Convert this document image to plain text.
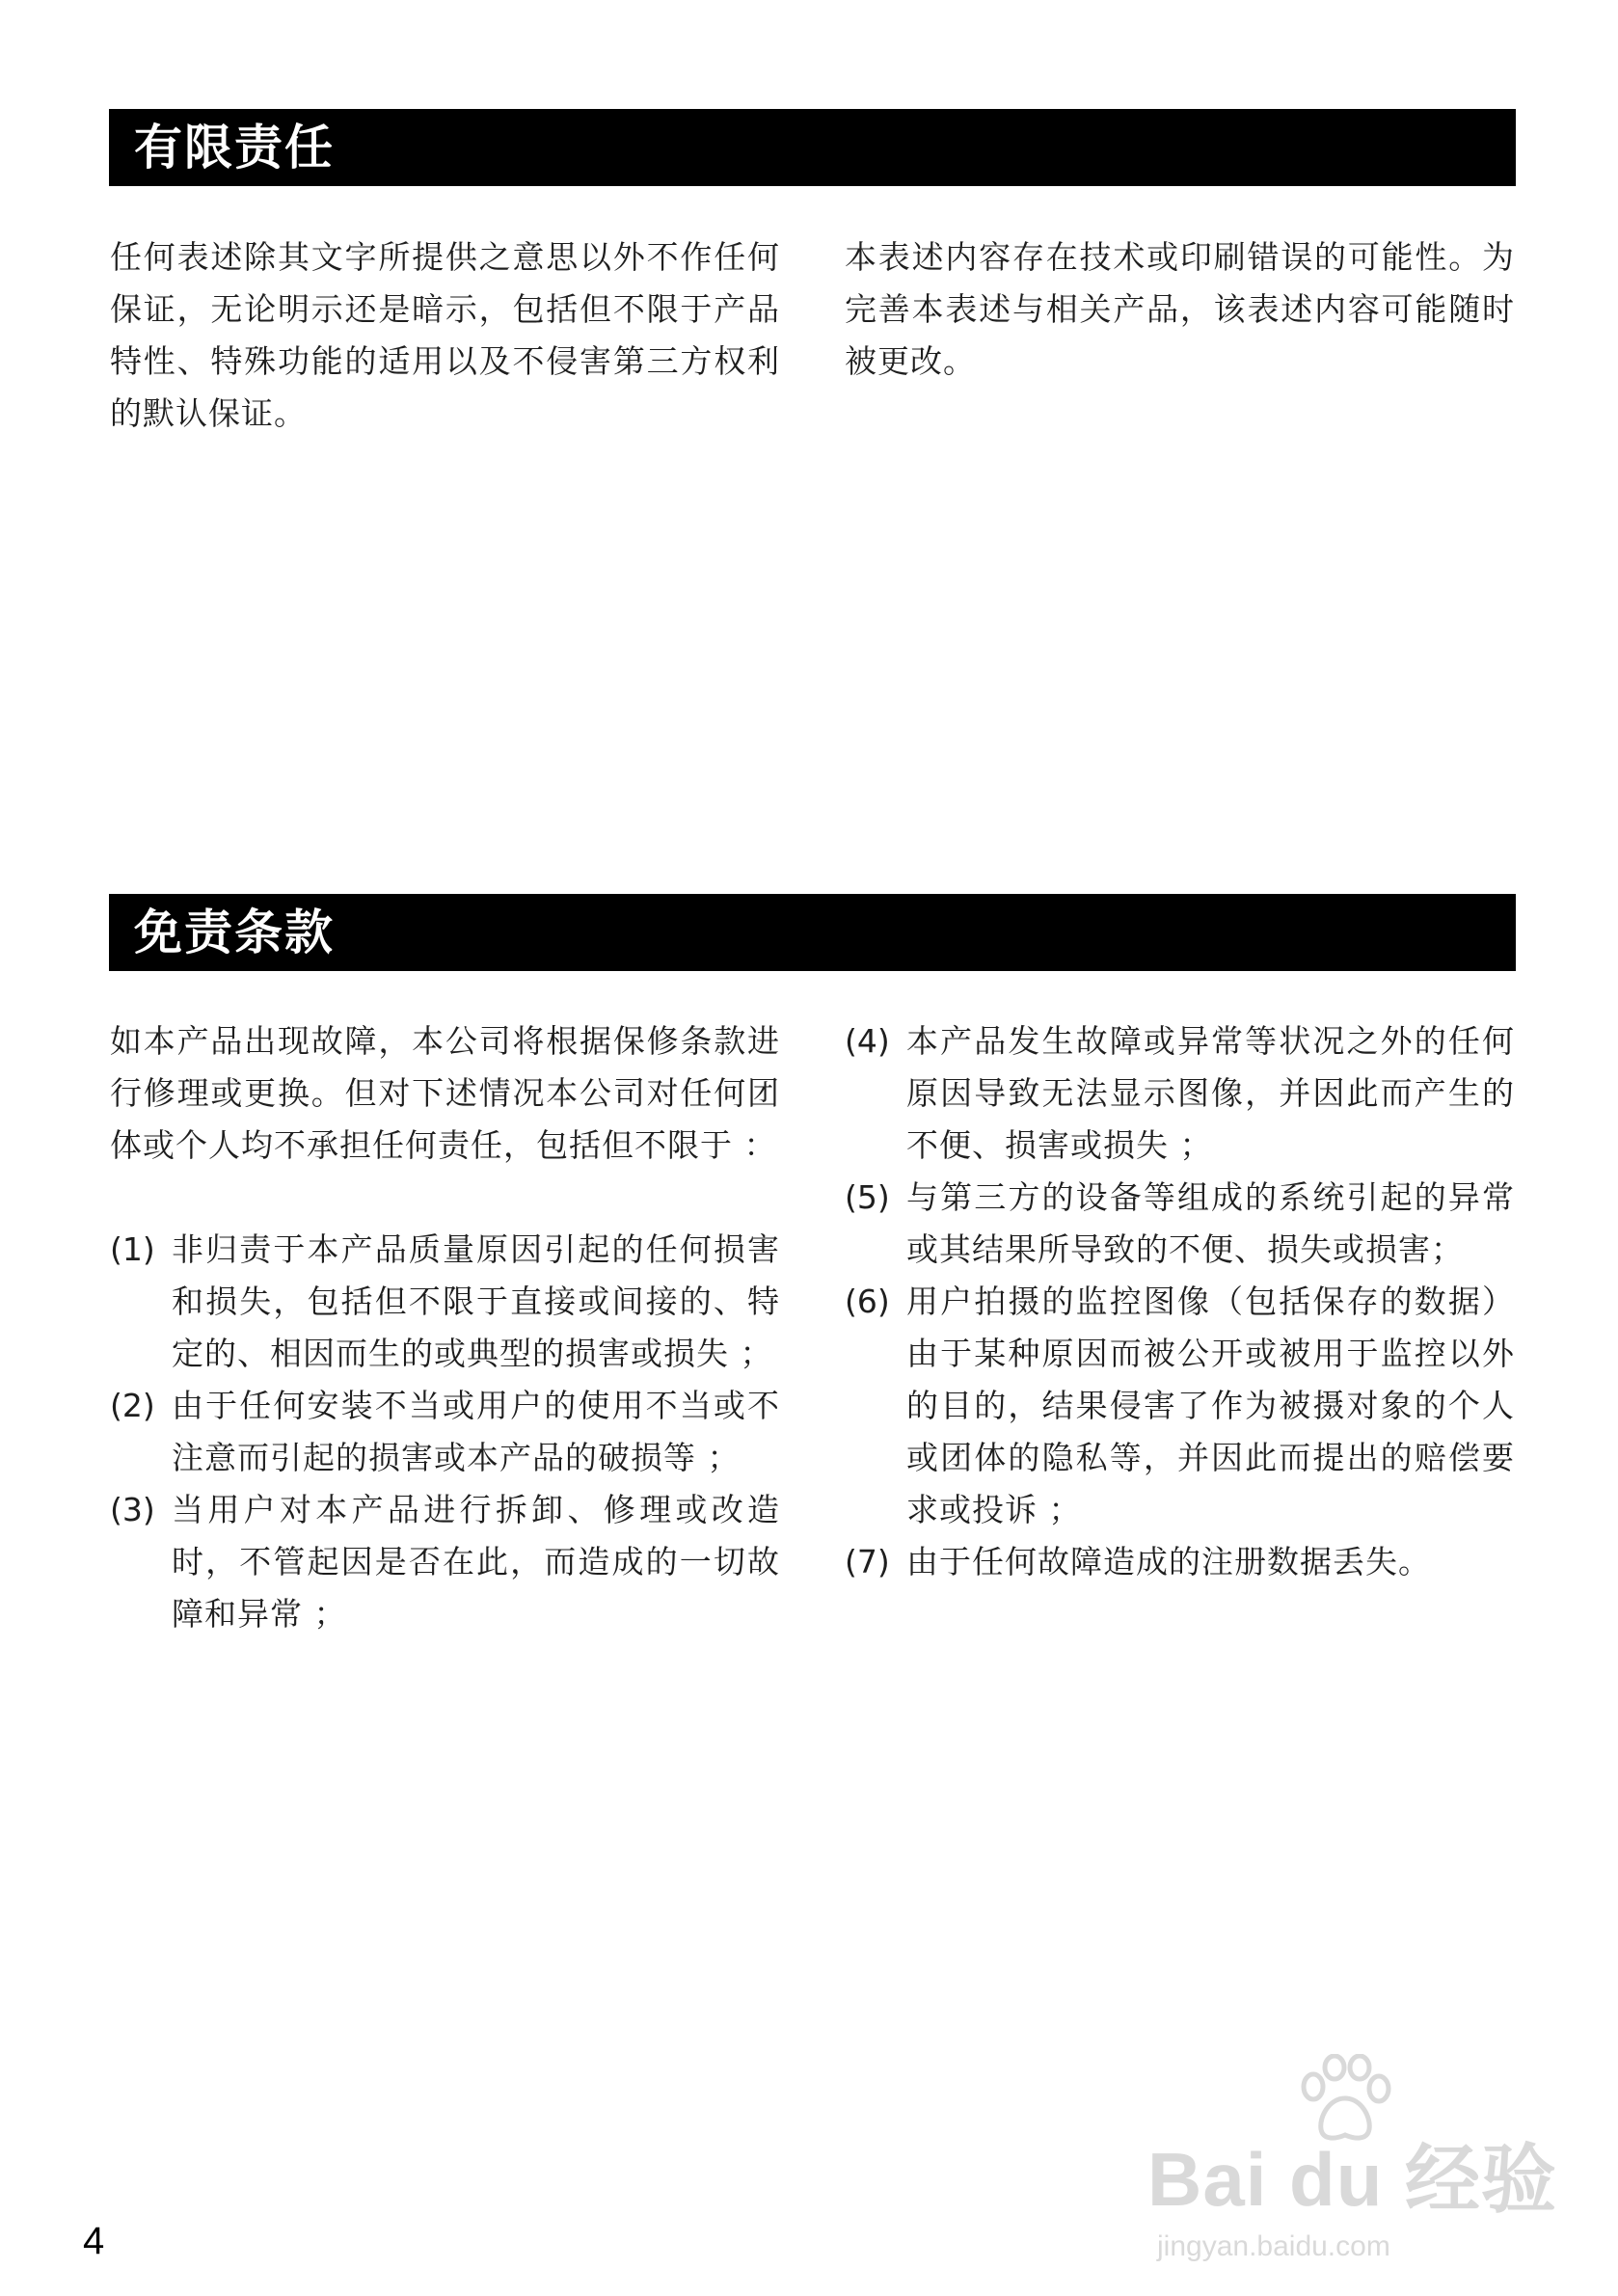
有限责任

任何表述除其文字所提供之意思以外不作任何保证，无论明示还是暗示，包括但不限于产品特性、特殊功能的适用以及不侵害第三方权利的默认保证。

本表述内容存在技术或印刷错误的可能性。为完善本表述与相关产品，该表述内容可能随时被更改。

免责条款

如本产品出现故障，本公司将根据保修条款进行修理或更换。但对下述情况本公司对任何团体或个人均不承担任何责任，包括但不限于 ：

(1) 非归责于本产品质量原因引起的任何损害和损失，包括但不限于直接或间接的、特定的、相因而生的或典型的损害或损失 ；
(2) 由于任何安装不当或用户的使用不当或不注意而引起的损害或本产品的破损等 ；
(3) 当用户对本产品进行拆卸、修理或改造时，不管起因是否在此，而造成的一切故障和异常 ；
(4) 本产品发生故障或异常等状况之外的任何原因导致无法显示图像，并因此而产生的不便、损害或损失 ；
(5) 与第三方的设备等组成的系统引起的异常或其结果所导致的不便、损失或损害；
(6) 用户拍摄的监控图像（包括保存的数据）由于某种原因而被公开或被用于监控以外的目的，结果侵害了作为被摄对象的个人或团体的隐私等，并因此而提出的赔偿要求或投诉 ；
(7) 由于任何故障造成的注册数据丢失。
4
Bai du 经验
jingyan.baidu.com
